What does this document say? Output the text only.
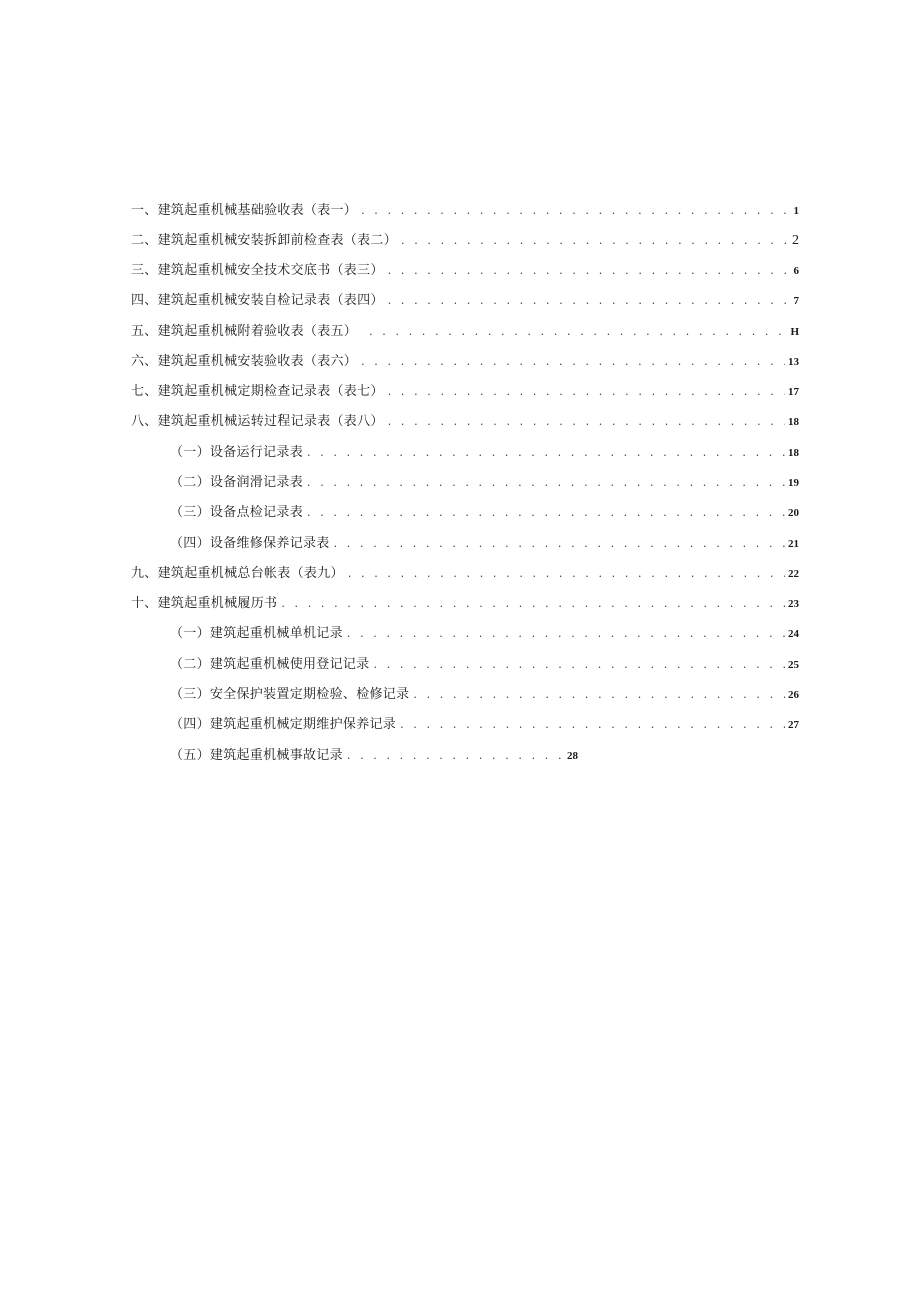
一、建筑起重机械基础验收表（表一） . . .	1
二、建筑起重机械安装拆卸前检查表（表二） . . .	2
三、建筑起重机械安全技术交底书（表三） . . .	6
四、建筑起重机械安装自检记录表（表四） . . .	7
五、建筑起重机械附着验收表（表五） . . .	H
六、建筑起重机械安装验收表（表六） . . .	13
七、建筑起重机械定期检查记录表（表七） . . .	17
八、建筑起重机械运转过程记录表（表八） . . .	18
（一）设备运行记录表 . . .	18
（二）设备润滑记录表 . . .	19
（三）设备点检记录表 . . .	20
（四）设备维修保养记录表 . . .	21
九、建筑起重机械总台帐表（表九） . . .	22
十、建筑起重机械履历书 . . .	23
（一）建筑起重机械单机记录 . . .	24
（二）建筑起重机械使用登记记录 . . .	25
（三）安全保护装置定期检验、检修记录 . . .	26
（四）建筑起重机械定期维护保养记录 . . .	27
（五）建筑起重机械事故记录 . . .	28
